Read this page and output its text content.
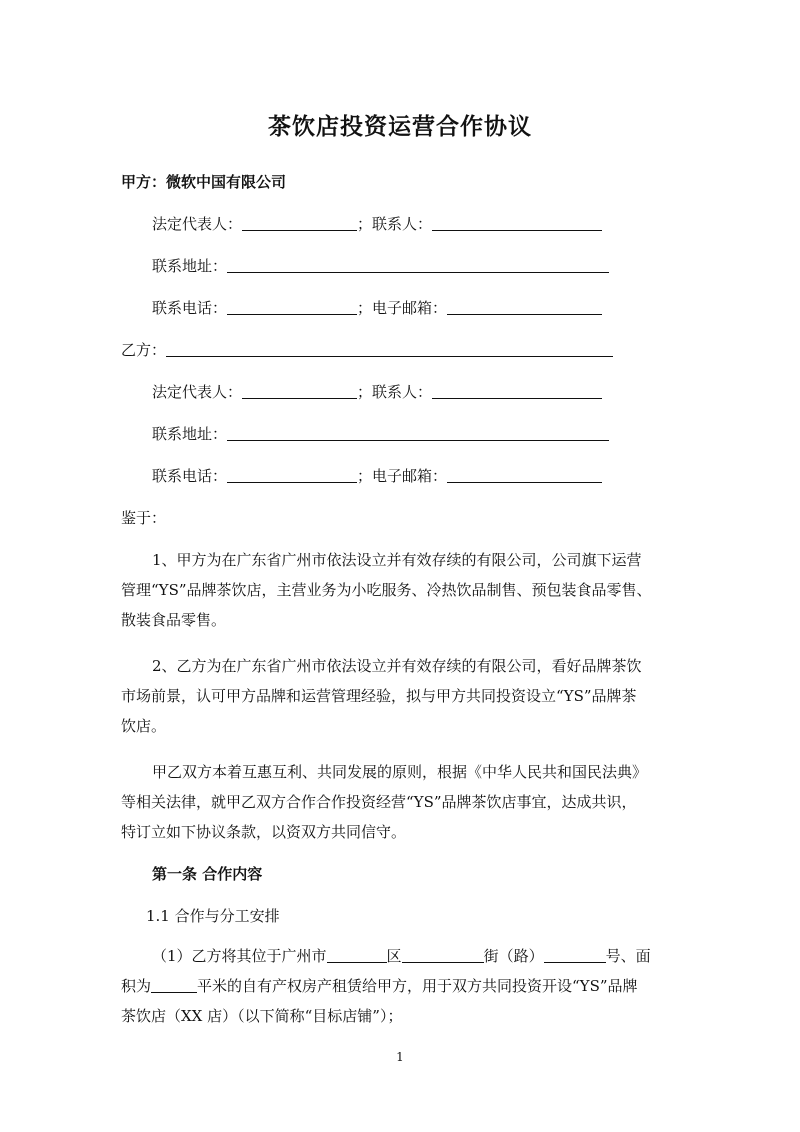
茶饮店投资运营合作协议
甲方：微软中国有限公司
法定代表人：	；联系人：
联系地址：
联系电话：	；电子邮箱：
乙方：
法定代表人：	；联系人：
联系地址：
联系电话：	；电子邮箱：
鉴于：
1、甲方为在广东省广州市依法设立并有效存续的有限公司，公司旗下运营
管理“YS”品牌茶饮店，主营业务为小吃服务、冷热饮品制售、预包装食品零售、
散装食品零售。
2、乙方为在广东省广州市依法设立并有效存续的有限公司，看好品牌茶饮
市场前景，认可甲方品牌和运营管理经验，拟与甲方共同投资设立“YS”品牌茶
饮店。
甲乙双方本着互惠互利、共同发展的原则，根据《中华人民共和国民法典》
等相关法律，就甲乙双方合作合作投资经营“YS”品牌茶饮店事宜，达成共识，
特订立如下协议条款，以资双方共同信守。
第一条 合作内容
1.1 合作与分工安排
（1）乙方将其位于广州市	区	街（路）	号、面
积为	平米的自有产权房产租赁给甲方，用于双方共同投资开设“YS”品牌
茶饮店（XX 店）（以下简称“目标店铺”）；
1
